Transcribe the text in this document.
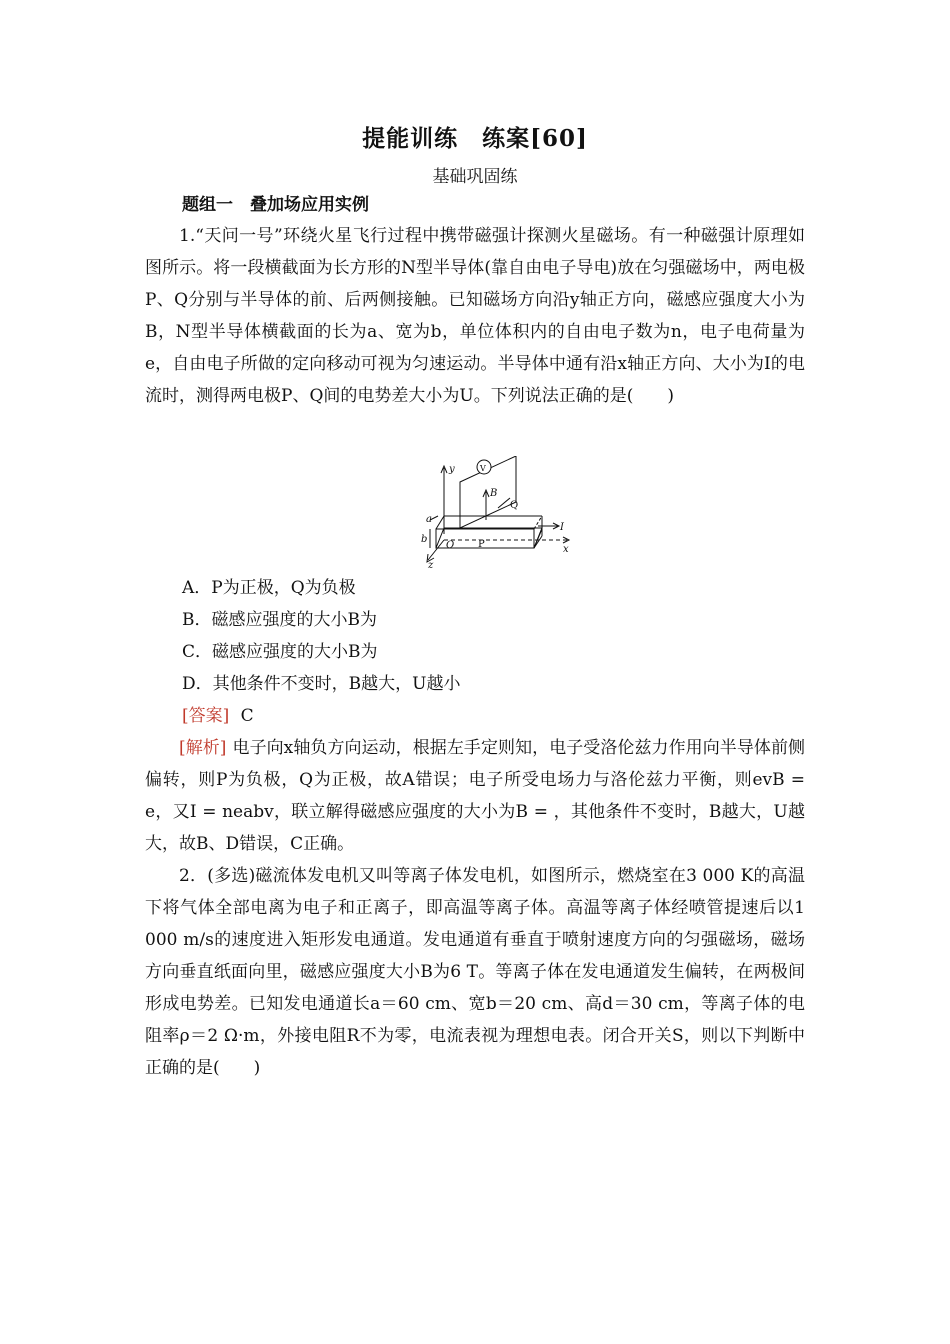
提能训练　练案[60]
基础巩固练
题组一　叠加场应用实例

1.“天问一号”环绕火星飞行过程中携带磁强计探测火星磁场。有一种磁强计原理如图所示。将一段横截面为长方形的N型半导体(靠自由电子导电)放在匀强磁场中，两电极P、Q分别与半导体的前、后两侧接触。已知磁场方向沿y轴正方向，磁感应强度大小为B，N型半导体横截面的长为a、宽为b，单位体积内的自由电子数为n，电子电荷量为e，自由电子所做的定向移动可视为匀速运动。半导体中通有沿x轴正方向、大小为I的电流时，测得两电极P、Q间的电势差大小为U。下列说法正确的是(　　)

y	V
B
Q
a
b
O P
I
x
z
A．P为正极，Q为负极
B．磁感应强度的大小B为
C．磁感应强度的大小B为
D．其他条件不变时，B越大，U越小
[答案] C

[解析] 电子向x轴负方向运动，根据左手定则知，电子受洛伦兹力作用向半导体前侧偏转，则P为负极，Q为正极，故A错误；电子所受电场力与洛伦兹力平衡，则evB = e，又I = neabv，联立解得磁感应强度的大小为B = ，其他条件不变时，B越大，U越大，故B、D错误，C正确。

2．(多选)磁流体发电机又叫等离子体发电机，如图所示，燃烧室在3 000 K的高温下将气体全部电离为电子和正离子，即高温等离子体。高温等离子体经喷管提速后以1 000 m/s的速度进入矩形发电通道。发电通道有垂直于喷射速度方向的匀强磁场，磁场方向垂直纸面向里，磁感应强度大小B为6 T。等离子体在发电通道发生偏转，在两极间形成电势差。已知发电通道长a＝60 cm、宽b＝20 cm、高d＝30 cm，等离子体的电阻率ρ＝2 Ω·m，外接电阻R不为零，电流表视为理想电表。闭合开关S，则以下判断中正确的是(　　)
